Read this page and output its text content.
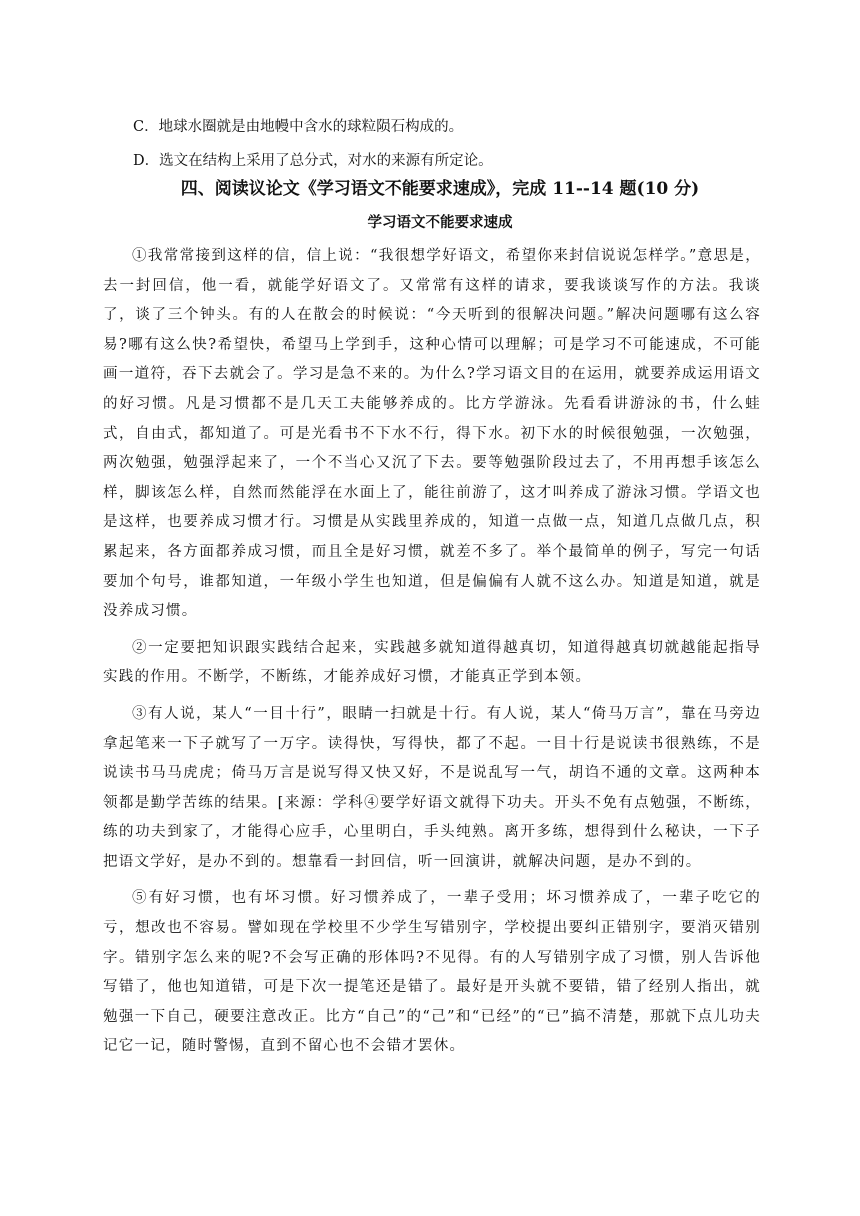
C．地球水圈就是由地幔中含水的球粒陨石构成的。
D．选文在结构上采用了总分式，对水的来源有所定论。
四、阅读议论文《学习语文不能要求速成》，完成 11--14 题(10 分)
学习语文不能要求速成

①我常常接到这样的信，信上说：“我很想学好语文，希望你来封信说说怎样学。”意思是，去一封回信，他一看，就能学好语文了。又常常有这样的请求，要我谈谈写作的方法。我谈了，谈了三个钟头。有的人在散会的时候说：“今天听到的很解决问题。”解决问题哪有这么容易?哪有这么快?希望快，希望马上学到手，这种心情可以理解；可是学习不可能速成，不可能画一道符，吞下去就会了。学习是急不来的。为什么?学习语文目的在运用，就要养成运用语文的好习惯。凡是习惯都不是几天工夫能够养成的。比方学游泳。先看看讲游泳的书，什么蛙式，自由式，都知道了。可是光看书不下水不行，得下水。初下水的时候很勉强，一次勉强，两次勉强，勉强浮起来了，一个不当心又沉了下去。要等勉强阶段过去了，不用再想手该怎么样，脚该怎么样，自然而然能浮在水面上了，能往前游了，这才叫养成了游泳习惯。学语文也是这样，也要养成习惯才行。习惯是从实践里养成的，知道一点做一点，知道几点做几点，积累起来，各方面都养成习惯，而且全是好习惯，就差不多了。举个最简单的例子，写完一句话要加个句号，谁都知道，一年级小学生也知道，但是偏偏有人就不这么办。知道是知道，就是没养成习惯。

②一定要把知识跟实践结合起来，实践越多就知道得越真切，知道得越真切就越能起指导实践的作用。不断学，不断练，才能养成好习惯，才能真正学到本领。

③有人说，某人“一目十行”，眼睛一扫就是十行。有人说，某人“倚马万言”，靠在马旁边拿起笔来一下子就写了一万字。读得快，写得快，都了不起。一目十行是说读书很熟练，不是说读书马马虎虎；倚马万言是说写得又快又好，不是说乱写一气，胡诌不通的文章。这两种本领都是勤学苦练的结果。[来源：学科④要学好语文就得下功夫。开头不免有点勉强，不断练，练的功夫到家了，才能得心应手，心里明白，手头纯熟。离开多练，想得到什么秘诀，一下子把语文学好，是办不到的。想靠看一封回信，听一回演讲，就解决问题，是办不到的。

⑤有好习惯，也有坏习惯。好习惯养成了，一辈子受用；坏习惯养成了，一辈子吃它的亏，想改也不容易。譬如现在学校里不少学生写错别字，学校提出要纠正错别字，要消灭错别字。错别字怎么来的呢?不会写正确的形体吗?不见得。有的人写错别字成了习惯，别人告诉他写错了，他也知道错，可是下次一提笔还是错了。最好是开头就不要错，错了经别人指出，就勉强一下自己，硬要注意改正。比方“自己”的“己”和“已经”的“已”搞不清楚，那就下点儿功夫记它一记，随时警惕，直到不留心也不会错才罢休。
